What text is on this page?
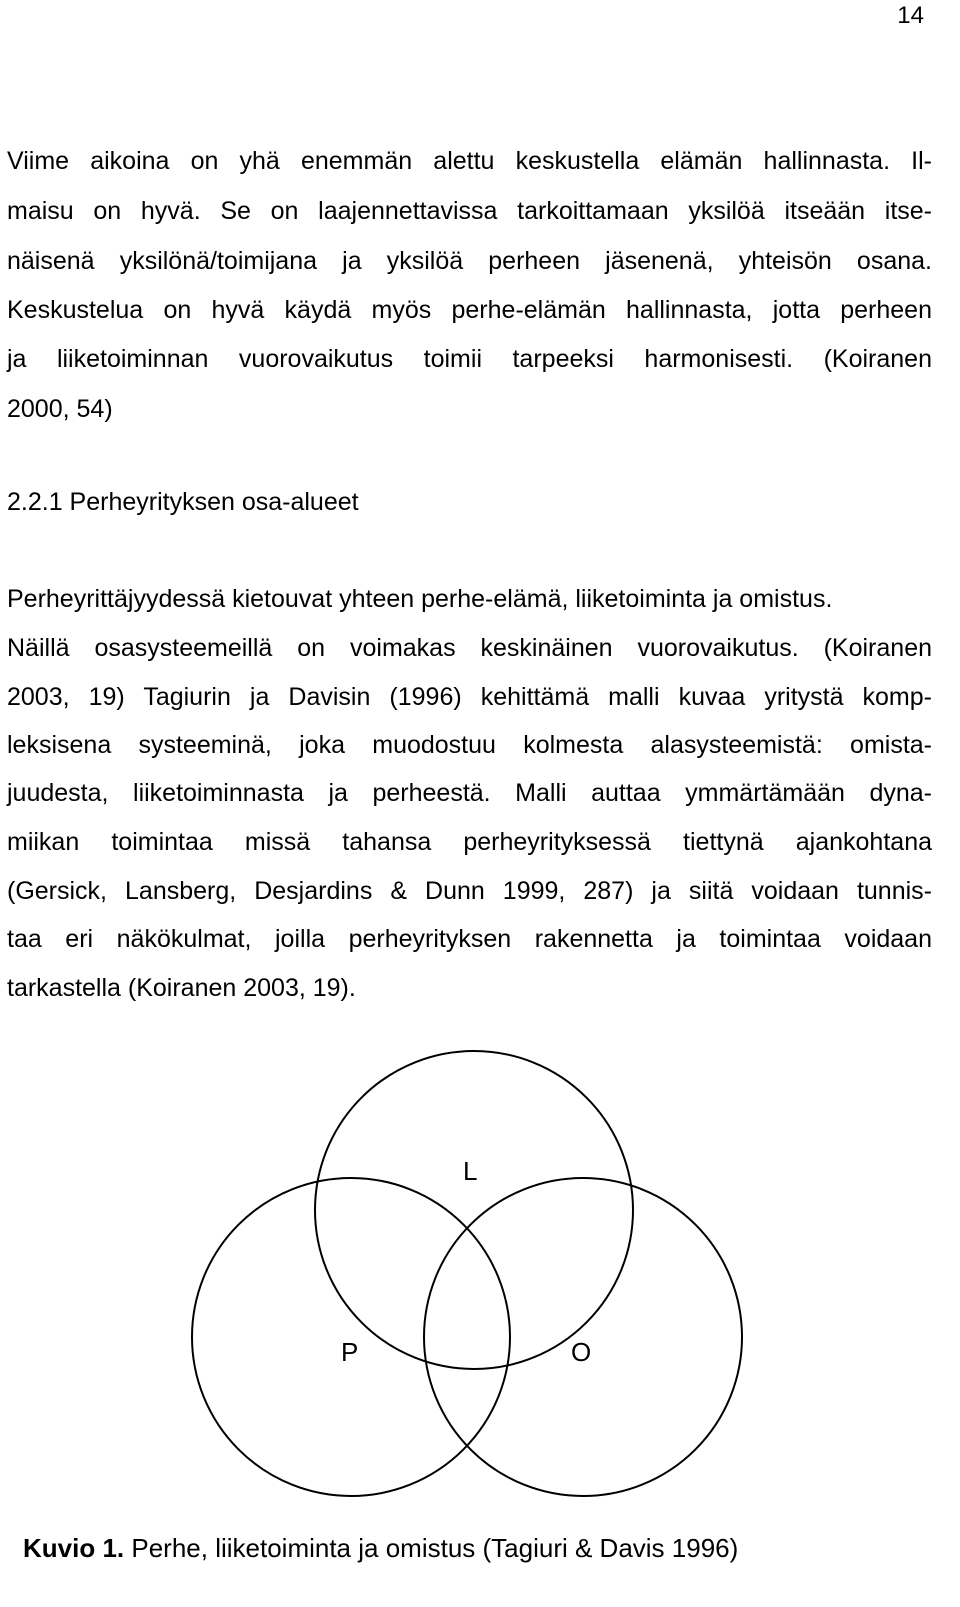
14
Viime aikoina on yhä enemmän alettu keskustella elämän hallinnasta. Il-
maisu on hyvä. Se on laajennettavissa tarkoittamaan yksilöä itseään itse-
näisenä yksilönä/toimijana ja yksilöä perheen jäsenenä, yhteisön osana.
Keskustelua on hyvä käydä myös perhe-elämän hallinnasta, jotta perheen
ja liiketoiminnan vuorovaikutus toimii tarpeeksi harmonisesti. (Koiranen
2000, 54)
2.2.1 Perheyrityksen osa-alueet
Perheyrittäjyydessä kietouvat yhteen perhe-elämä, liiketoiminta ja omistus.
Näillä osasysteemeillä on voimakas keskinäinen vuorovaikutus. (Koiranen
2003, 19) Tagiurin ja Davisin (1996) kehittämä malli kuvaa yritystä komp-
leksisena systeeminä, joka muodostuu kolmesta alasysteemistä: omista-
juudesta, liiketoiminnasta ja perheestä. Malli auttaa ymmärtämään dyna-
miikan toimintaa missä tahansa perheyrityksessä tiettynä ajankohtana
(Gersick, Lansberg, Desjardins & Dunn 1999, 287) ja siitä voidaan tunnis-
taa eri näkökulmat, joilla perheyrityksen rakennetta ja toimintaa voidaan
tarkastella (Koiranen 2003, 19).
L
P	O
Kuvio 1. Perhe, liiketoiminta ja omistus (Tagiuri & Davis 1996)
